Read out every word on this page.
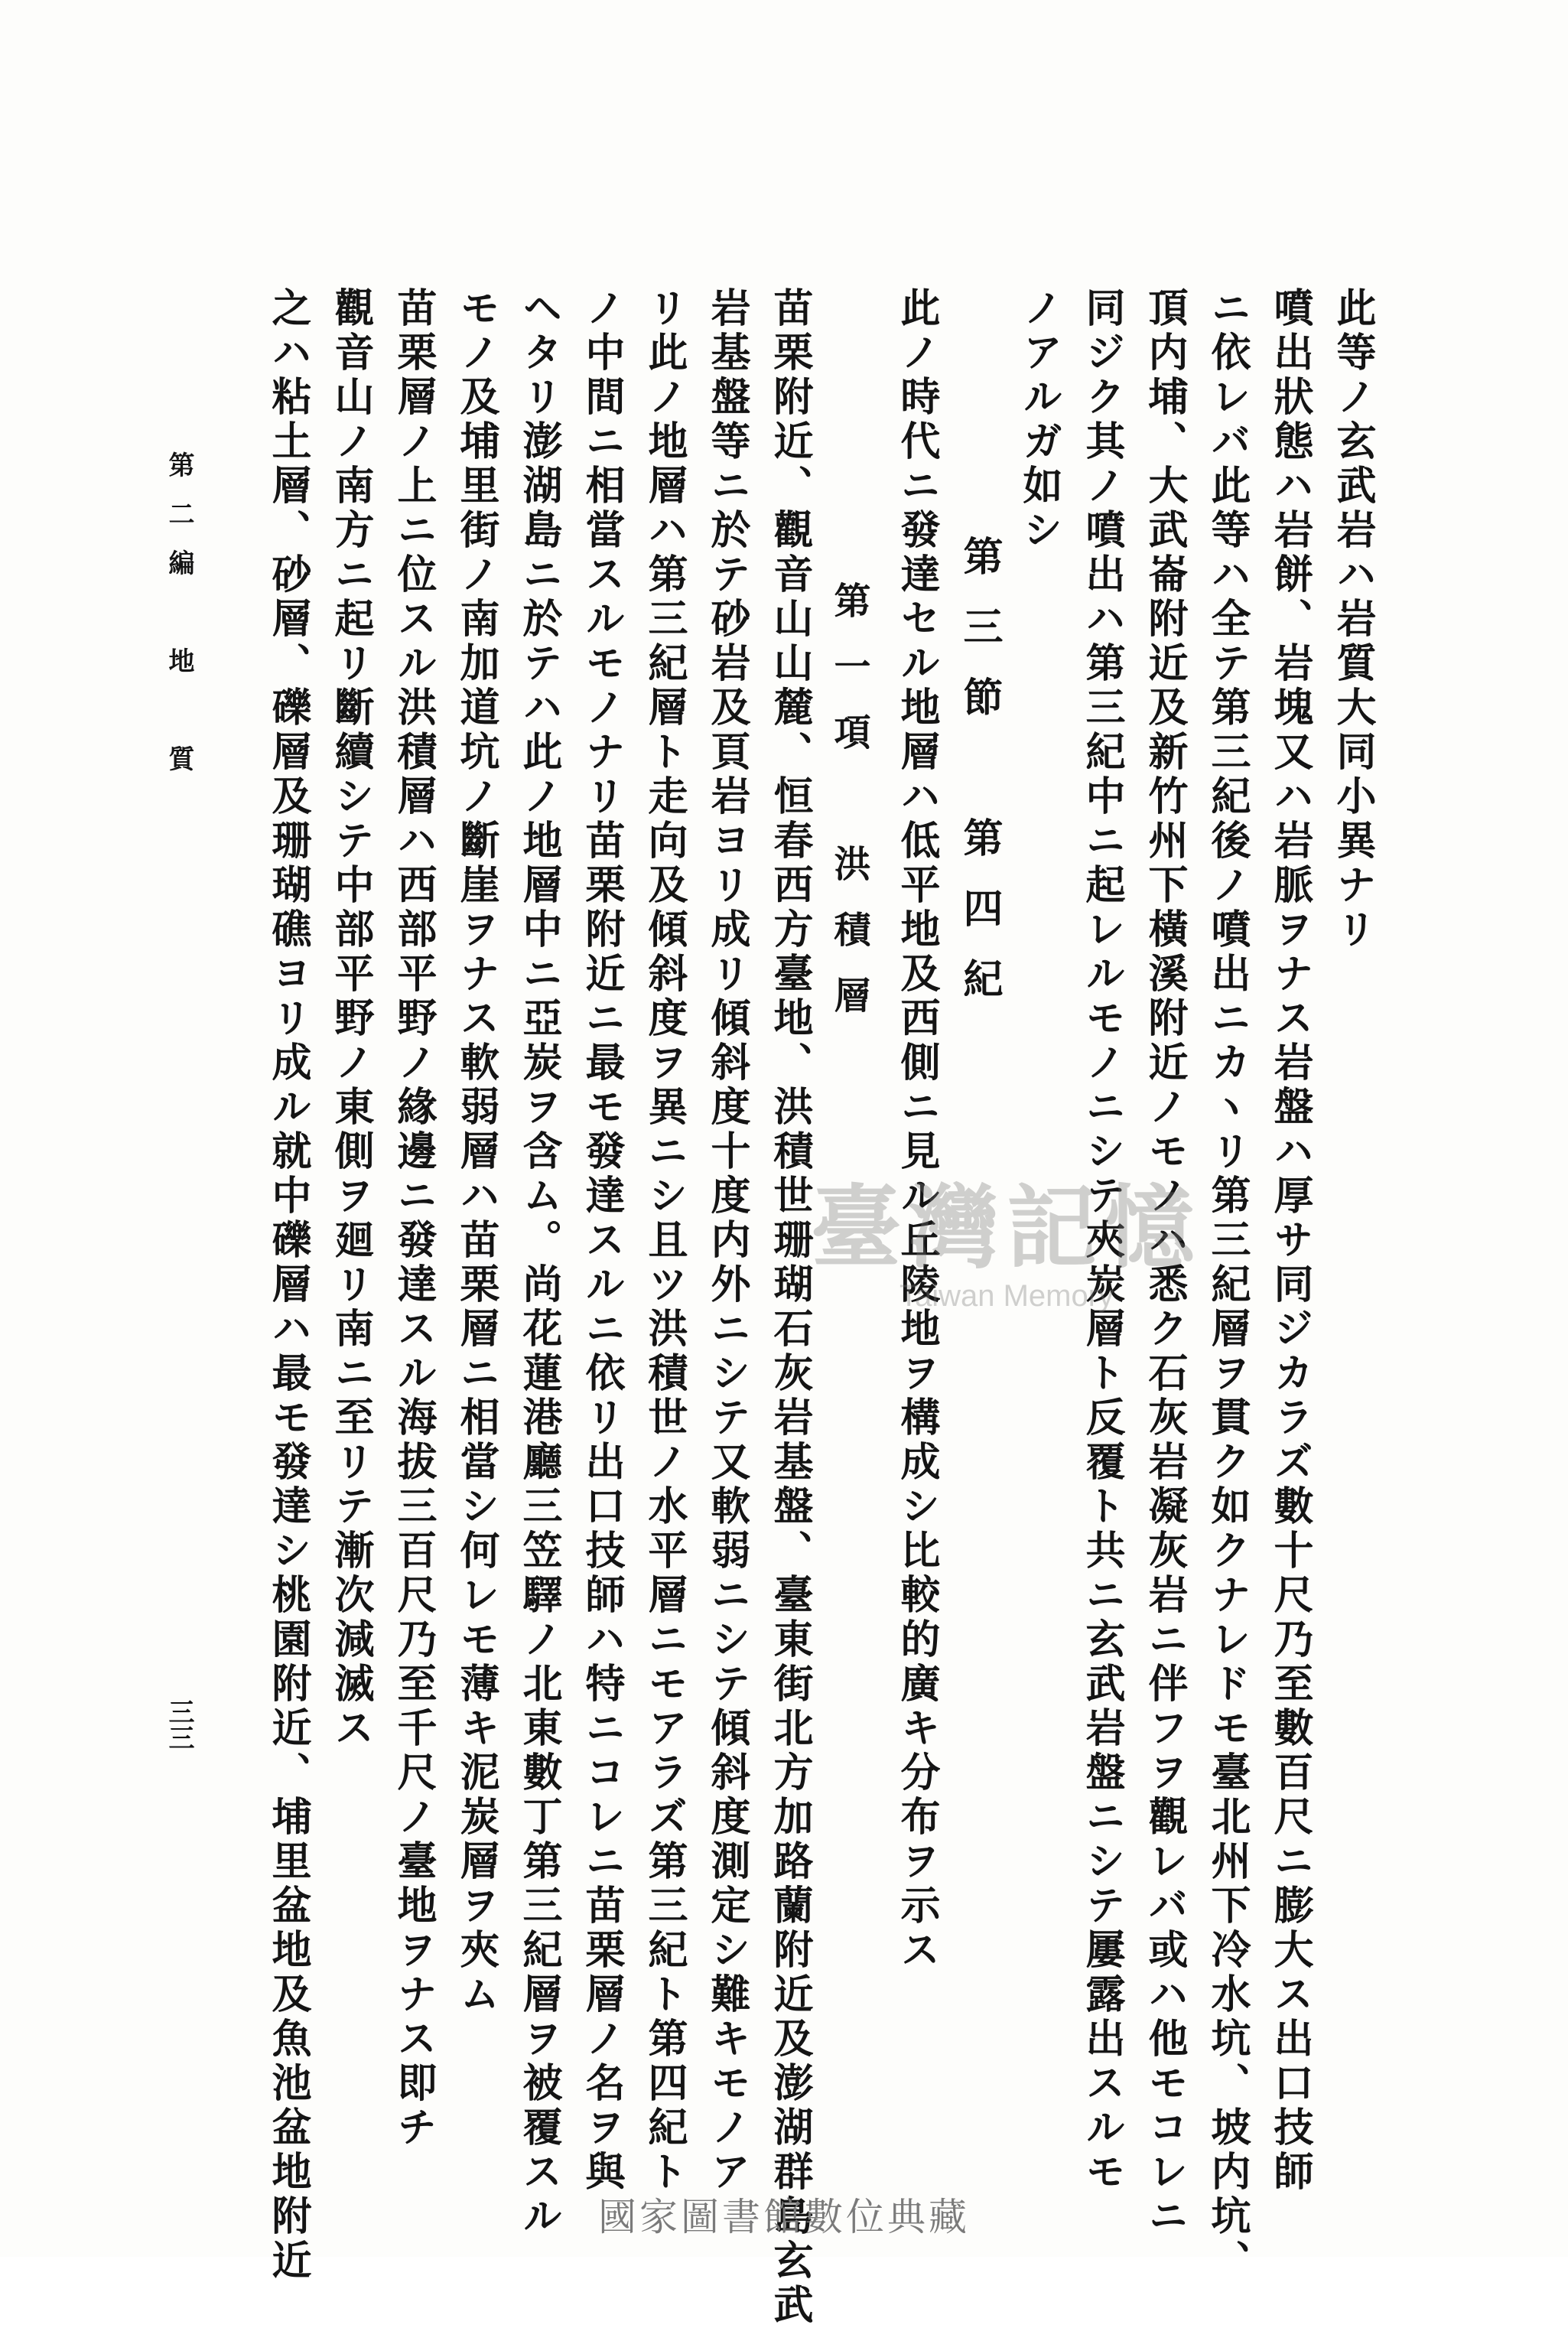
此等ノ玄武岩ハ岩質大同小異ナリ
噴出狀態ハ岩餅、岩塊又ハ岩脈ヲナス岩盤ハ厚サ同ジカラズ數十尺乃至數百尺ニ膨大ス出口技師
ニ依レバ此等ハ全テ第三紀後ノ噴出ニカヽリ第三紀層ヲ貫ク如クナレドモ臺北州下冷水坑、坡内坑、
頂内埔、大武崙附近及新竹州下橫溪附近ノモノハ悉ク石灰岩凝灰岩ニ伴フヲ觀レバ或ハ他モコレニ
同ジク其ノ噴出ハ第三紀中ニ起レルモノニシテ夾炭層ト反覆ト共ニ玄武岩盤ニシテ屢露出スルモ
ノアルガ如シ
第三節　第四紀
此ノ時代ニ發達セル地層ハ低平地及西側ニ見ル丘陵地ヲ構成シ比較的廣キ分布ヲ示ス
第一項　洪積層
苗栗附近、觀音山山麓、恒春西方臺地、洪積世珊瑚石灰岩基盤、臺東街北方加路蘭附近及澎湖群島玄武
岩基盤等ニ於テ砂岩及頁岩ヨリ成リ傾斜度十度内外ニシテ又軟弱ニシテ傾斜度測定シ難キモノア
リ此ノ地層ハ第三紀層ト走向及傾斜度ヲ異ニシ且ツ洪積世ノ水平層ニモアラズ第三紀ト第四紀ト
ノ中間ニ相當スルモノナリ苗栗附近ニ最モ發達スルニ依リ出口技師ハ特ニコレニ苗栗層ノ名ヲ與
ヘタリ澎湖島ニ於テハ此ノ地層中ニ亞炭ヲ含ム。尚花蓮港廳三笠驛ノ北東數丁第三紀層ヲ被覆スル
モノ及埔里街ノ南加道坑ノ斷崖ヲナス軟弱層ハ苗栗層ニ相當シ何レモ薄キ泥炭層ヲ夾ム
苗栗層ノ上ニ位スル洪積層ハ西部平野ノ緣邊ニ發達スル海拔三百尺乃至千尺ノ臺地ヲナス即チ
觀音山ノ南方ニ起リ斷續シテ中部平野ノ東側ヲ廻リ南ニ至リテ漸次減滅ス
之ハ粘土層、砂層、礫層及珊瑚礁ヨリ成ル就中礫層ハ最モ發達シ桃園附近、埔里盆地及魚池盆地附近
第二編　地　質
三三
臺灣記憶
Taiwan Memory
國家圖書館數位典藏
